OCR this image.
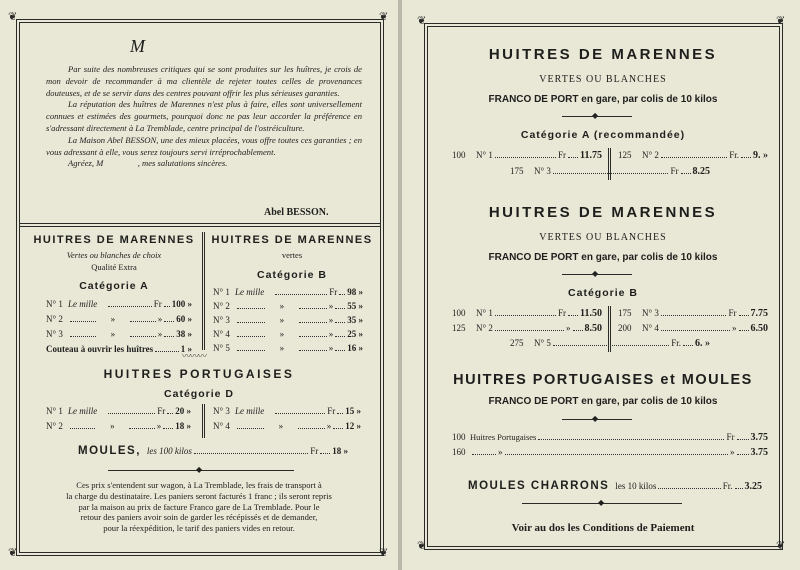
❦	❦
❦	❦
M

Par suite des nombreuses critiques qui se sont produites sur les huîtres, je crois de mon devoir de recommander à ma clientèle de rejeter toutes celles de provenances douteuses, et de se servir dans des centres pouvant offrir les plus sérieuses garanties.

La réputation des huîtres de Marennes n'est plus à faire, elles sont universellement connues et estimées des gourmets, pourquoi donc ne pas leur accorder la préférence en s'adressant directement à La Tremblade, centre principal de l'ostréiculture.

La Maison Abel BESSON, une des mieux placées, vous offre toutes ces garanties ; en vous adressant à elle, vous serez toujours servi irréprochablement.

Agréez, M                , mes salutations sincères.

Abel BESSON.
HUITRES DE MARENNES
Vertes ou blanches de choix
Qualité Extra
Catégorie A
N° 1 Le mille	Fr 100 »
N° 2	»	» 60 »
N° 3	»	» 38 »
Couteau à ouvrir les huîtres	1 »
HUITRES DE MARENNES
vertes
Catégorie B
N° 1 Le mille	Fr 98 »
N° 2	»	» 55 »
N° 3	»	» 35 »
N° 4	»	» 25 »
N° 5	»	» 16 »
〰〰〰
HUITRES PORTUGAISES
Catégorie D
N° 1 Le mille	Fr 20 »
N° 2	»	» 18 »
N° 3 Le mille	Fr 15 »
N° 4	»	» 12 »
MOULES, les 100 kilos	Fr 18 »
◆
Ces prix s'entendent sur wagon, à La Tremblade, les frais de transport à
la charge du destinataire. Les paniers seront facturés 1 franc ; ils seront repris
par la maison au prix de facture Franco gare de La Tremblade. Pour le
retour des paniers avoir soin de garder les récépissés et de demander,
pour la réexpédition, le tarif des paniers vides en retour.
❦	❦
❦	❦
HUITRES DE MARENNES
VERTES OU BLANCHES
FRANCO DE PORT en gare, par colis de 10 kilos
◆
Catégorie A (recommandée)
100	N° 1	Fr 11.75 125	N° 2	Fr. 9. »
175	N° 3	Fr 8.25
HUITRES DE MARENNES
VERTES OU BLANCHES
FRANCO DE PORT en gare, par colis de 10 kilos
◆
Catégorie B
100	N° 1	Fr 11.50
125	N° 2	» 8.50
175	N° 3	Fr 7.75
200	N° 4	» 6.50
275	N° 5	Fr. 6. »
HUITRES PORTUGAISES et MOULES
FRANCO DE PORT en gare, par colis de 10 kilos
◆
100 Huitres Portugaises	Fr 3.75
160	»	» 3.75
MOULES CHARRONS les 10 kilos	Fr. 3.25
◆
Voir au dos les Conditions de Paiement
